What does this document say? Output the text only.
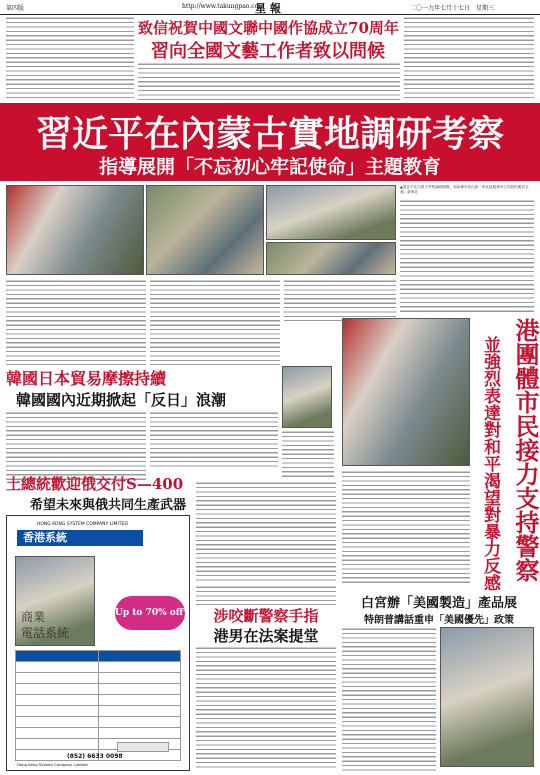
第四版	http://www.takungpao.com
星 報	二〇一九年七月十七日　星期三
致信祝賀中國文聯中國作協成立70周年
習向全國文藝工作者致以問候
習近平在內蒙古實地調研考察
指導展開「不忘初心牢記使命」主題教育
▲習近平在內蒙古考察調研期間，到赤峰市松山區一家社區服務中心同居民親切交流。新華社
韓國日本貿易摩擦持續
韓國國內近期掀起「反日」浪潮
土總統歡迎俄交付S—400
希望未來與俄共同生產武器
HONG KONG SYSTEM COMPANY LIMITED
香港系統
商業
電話系統
Up to 70% off*

(852) 6633 0098
Hong Kong System Company Limited
涉咬斷警察手指
港男在法案提堂
港團體市民接力支持警察
並強烈表達對和平渴望對暴力反感
白宮辦「美國製造」產品展
特朗普講話重申「美國優先」政策
